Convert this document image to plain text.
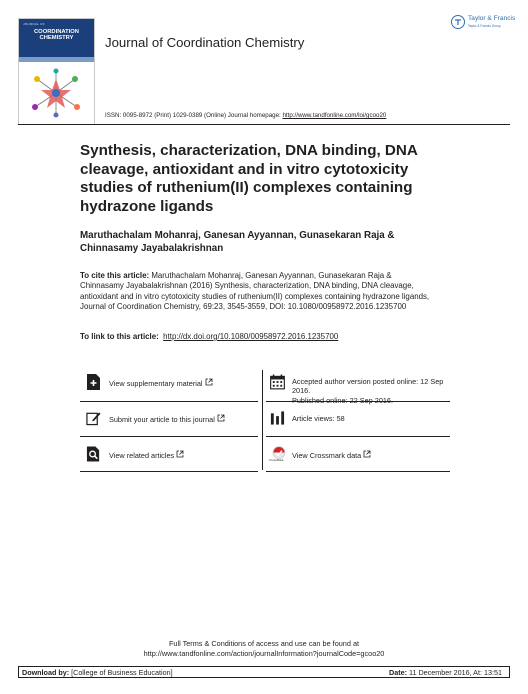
JOURNAL OF
COORDINATION CHEMISTRY	Journal of Coordination Chemistry
Taylor & Francis
Taylor & Francis Group
ISSN: 0095-8972 (Print) 1029-0389 (Online) Journal homepage: http://www.tandfonline.com/loi/gcoo20
Synthesis, characterization, DNA binding, DNA cleavage, antioxidant and in vitro cytotoxicity studies of ruthenium(II) complexes containing hydrazone ligands
Maruthachalam Mohanraj, Ganesan Ayyannan, Gunasekaran Raja & Chinnasamy Jayabalakrishnan
To cite this article: Maruthachalam Mohanraj, Ganesan Ayyannan, Gunasekaran Raja & Chinnasamy Jayabalakrishnan (2016) Synthesis, characterization, DNA binding, DNA cleavage, antioxidant and in vitro cytotoxicity studies of ruthenium(II) complexes containing hydrazone ligands, Journal of Coordination Chemistry, 69:23, 3545-3559, DOI: 10.1080/00958972.2016.1235700
To link to this article: http://dx.doi.org/10.1080/00958972.2016.1235700
View supplementary material
Submit your article to this journal
View related articles
Accepted author version posted online: 12 Sep 2016.
Published online: 22 Sep 2016.
Article views: 58
CrossMark View Crossmark data
Full Terms & Conditions of access and use can be found at
http://www.tandfonline.com/action/journalInformation?journalCode=gcoo20
Download by: [College of Business Education]	Date: 11 December 2016, At: 13:51
